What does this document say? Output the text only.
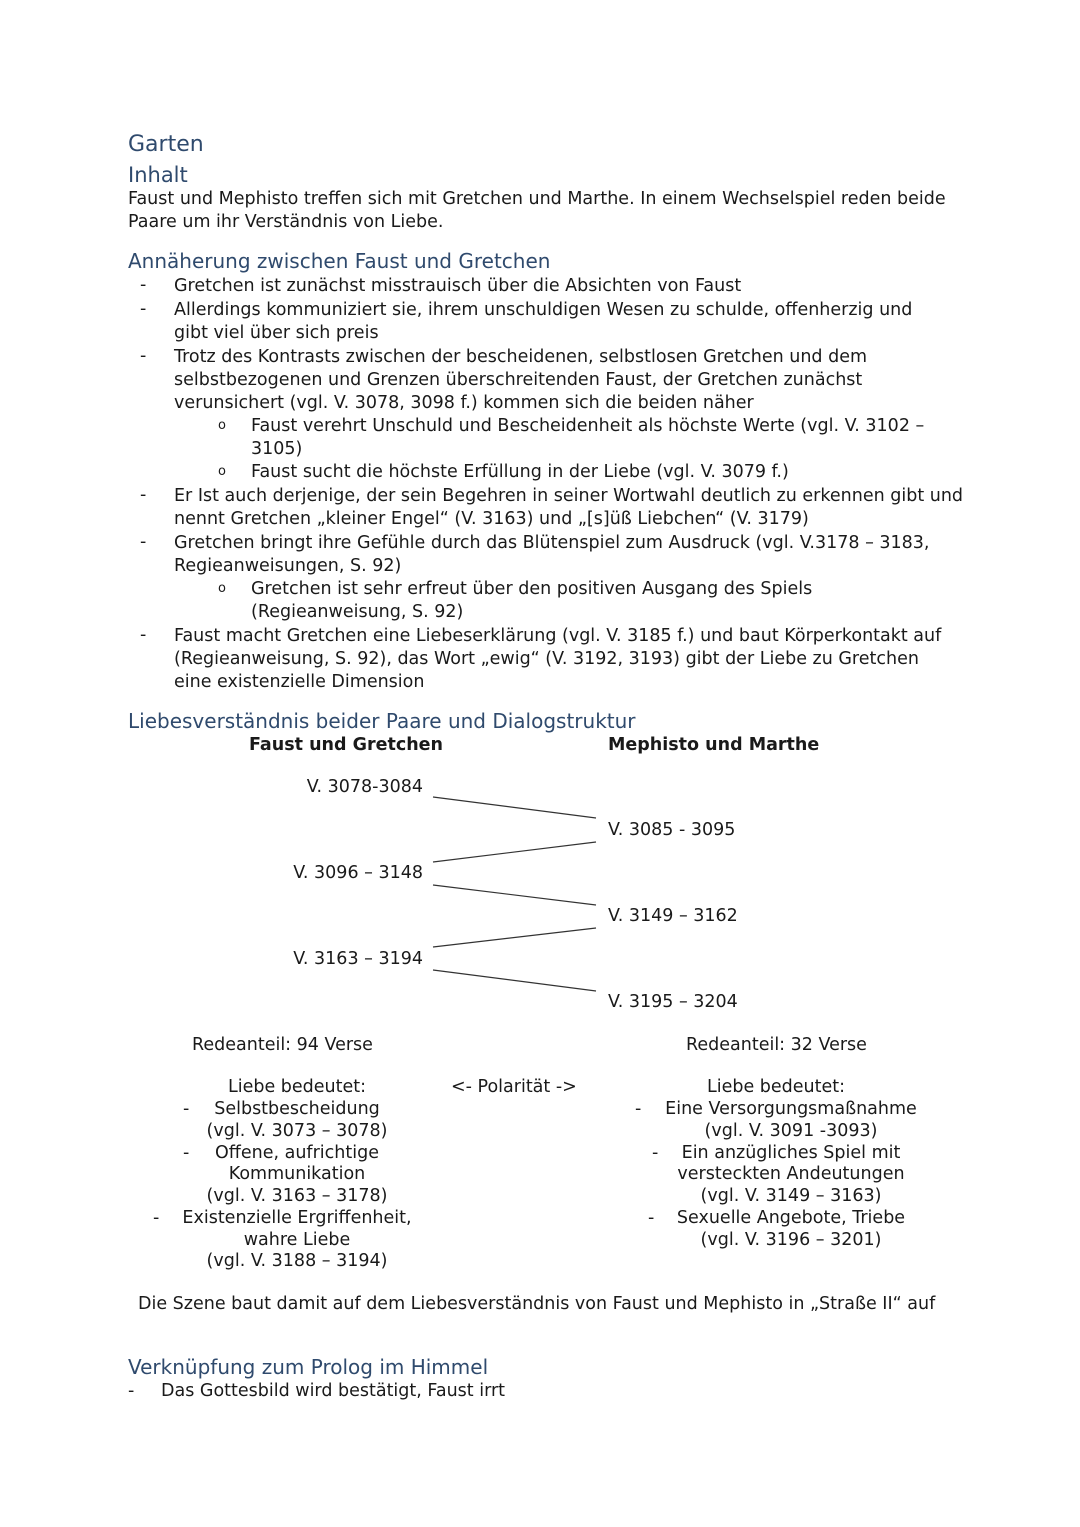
Garten
Inhalt
Faust und Mephisto treffen sich mit Gretchen und Marthe. In einem Wechselspiel reden beide Paare um ihr Verständnis von Liebe.
Annäherung zwischen Faust und Gretchen
- Gretchen ist zunächst misstrauisch über die Absichten von Faust
- Allerdings kommuniziert sie, ihrem unschuldigen Wesen zu schulde, offenherzig und gibt viel über sich preis
- Trotz des Kontrasts zwischen der bescheidenen, selbstlosen Gretchen und dem selbstbezogenen und Grenzen überschreitenden Faust, der Gretchen zunächst verunsichert (vgl. V. 3078, 3098 f.) kommen sich die beiden näher
o Faust verehrt Unschuld und Bescheidenheit als höchste Werte (vgl. V. 3102 – 3105)
o Faust sucht die höchste Erfüllung in der Liebe (vgl. V. 3079 f.)
- Er Ist auch derjenige, der sein Begehren in seiner Wortwahl deutlich zu erkennen gibt und nennt Gretchen „kleiner Engel“ (V. 3163) und „[s]üß Liebchen“ (V. 3179)
- Gretchen bringt ihre Gefühle durch das Blütenspiel zum Ausdruck (vgl. V.3178 – 3183, Regieanweisungen, S. 92)
o Gretchen ist sehr erfreut über den positiven Ausgang des Spiels (Regieanweisung, S. 92)
- Faust macht Gretchen eine Liebeserklärung (vgl. V. 3185 f.) und baut Körperkontakt auf (Regieanweisung, S. 92), das Wort „ewig“ (V. 3192, 3193) gibt der Liebe zu Gretchen eine existenzielle Dimension
Liebesverständnis beider Paare und Dialogstruktur
Faust und Gretchen	Mephisto und Marthe
V. 3078-3084
V. 3085 - 3095
V. 3096 – 3148
V. 3149 – 3162
V. 3163 – 3194
V. 3195 – 3204
Redeanteil: 94 Verse	Redeanteil: 32 Verse
Liebe bedeutet:	<- Polarität ->	Liebe bedeutet:
-	Selbstbescheidung
(vgl. V. 3073 – 3078)
-	Offene, aufrichtige
Kommunikation
(vgl. V. 3163 – 3178)
-	Existenzielle Ergriffenheit,
wahre Liebe
(vgl. V. 3188 – 3194)
-	Eine Versorgungsmaßnahme
(vgl. V. 3091 -3093)
-	Ein anzügliches Spiel mit
versteckten Andeutungen
(vgl. V. 3149 – 3163)
-	Sexuelle Angebote, Triebe
(vgl. V. 3196 – 3201)
Die Szene baut damit auf dem Liebesverständnis von Faust und Mephisto in „Straße II“ auf
Verknüpfung zum Prolog im Himmel
- Das Gottesbild wird bestätigt, Faust irrt
